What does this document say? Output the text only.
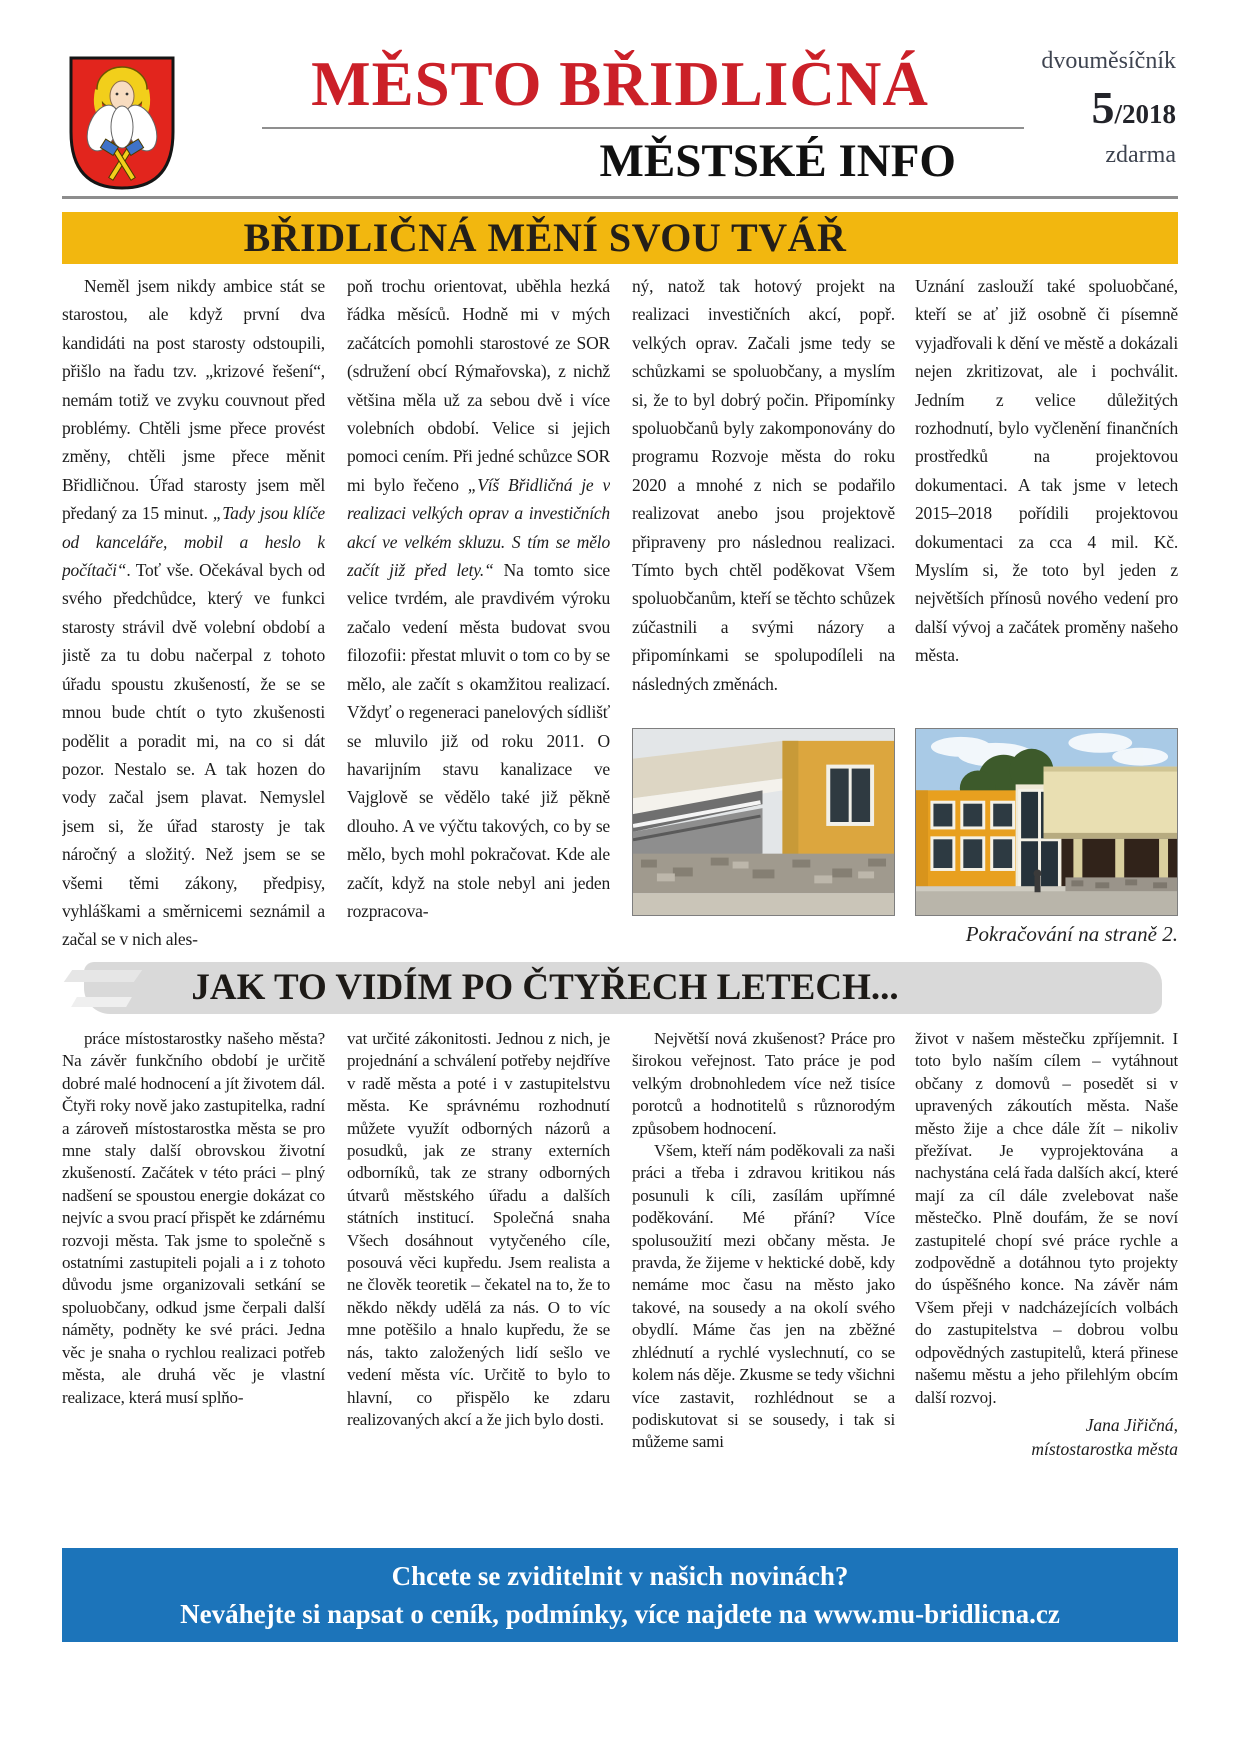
MĚSTO BŘIDLIČNÁ
MĚSTSKÉ INFO
dvouměsíčník
5/2018
zdarma
BŘIDLIČNÁ MĚNÍ SVOU TVÁŘ

Neměl jsem nikdy ambice stát se starostou, ale když první dva kandidáti na post starosty odstoupili, přišlo na řadu tzv. „krizové řešení“, nemám totiž ve zvyku couvnout před problémy. Chtěli jsme přece provést změny, chtěli jsme přece měnit Břidličnou. Úřad starosty jsem měl předaný za 15 minut. „Tady jsou klíče od kanceláře, mobil a heslo k počítači“. Toť vše. Očekával bych od svého předchůdce, který ve funkci starosty strávil dvě volební období a jistě za tu dobu načerpal z tohoto úřadu spoustu zkušeností, že se se mnou bude chtít o tyto zkušenosti podělit a poradit mi, na co si dát pozor. Nestalo se. A tak hozen do vody začal jsem plavat. Nemyslel jsem si, že úřad starosty je tak náročný a složitý. Než jsem se se všemi těmi zákony, předpisy, vyhláškami a směrnicemi seznámil a začal se v nich ales-

poň trochu orientovat, uběhla hezká řádka měsíců. Hodně mi v mých začátcích pomohli starostové ze SOR (sdružení obcí Rýmařovska), z nichž většina měla už za sebou dvě i více volebních období. Velice si jejich pomoci cením. Při jedné schůzce SOR mi bylo řečeno „Víš Břidličná je v realizaci velkých oprav a investičních akcí ve velkém skluzu. S tím se mělo začít již před lety.“ Na tomto sice velice tvrdém, ale pravdivém výroku začalo vedení města budovat svou filozofii: přestat mluvit o tom co by se mělo, ale začít s okamžitou realizací. Vždyť o regeneraci panelových sídlišť se mluvilo již od roku 2011. O havarijním stavu kanalizace ve Vajglově se vědělo také již pěkně dlouho. A ve výčtu takových, co by se mělo, bych mohl pokračovat. Kde ale začít, když na stole nebyl ani jeden rozpracova-

ný, natož tak hotový projekt na realizaci investičních akcí, popř. velkých oprav. Začali jsme tedy se schůzkami se spoluobčany, a myslím si, že to byl dobrý počin. Připomínky spoluobčanů byly zakomponovány do programu Rozvoje města do roku 2020 a mnohé z nich se podařilo realizovat anebo jsou projektově připraveny pro následnou realizaci. Tímto bych chtěl poděkovat Všem spoluobčanům, kteří se těchto schůzek zúčastnili a svými názory a připomínkami se spolupodíleli na následných změnách.

Uznání zaslouží také spoluobčané, kteří se ať již osobně či písemně vyjadřovali k dění ve městě a dokázali nejen zkritizovat, ale i pochválit. Jedním z velice důležitých rozhodnutí, bylo vyčlenění finančních prostředků na projektovou dokumentaci. A tak jsme v letech 2015–2018 pořídili projektovou dokumentaci za cca 4 mil. Kč. Myslím si, že toto byl jeden z největších přínosů nového vedení pro další vývoj a začátek proměny našeho města.

Pokračování na straně 2.
JAK TO VIDÍM PO ČTYŘECH LETECH...

práce místostarostky našeho města? Na závěr funkčního období je určitě dobré malé hodnocení a jít životem dál. Čtyři roky nově jako zastupitelka, radní a zároveň místostarostka města se pro mne staly další obrovskou životní zkušeností. Začátek v této práci – plný nadšení se spoustou energie dokázat co nejvíc a svou prací přispět ke zdárnému rozvoji města. Tak jsme to společně s ostatními zastupiteli pojali a i z tohoto důvodu jsme organizovali setkání se spoluobčany, odkud jsme čerpali další náměty, podněty ke své práci. Jedna věc je snaha o rychlou realizaci potřeb města, ale druhá věc je vlastní realizace, která musí splňo-

vat určité zákonitosti. Jednou z nich, je projednání a schválení potřeby nejdříve v radě města a poté i v zastupitelstvu města. Ke správnému rozhodnutí můžete využít odborných názorů a posudků, jak ze strany externích odborníků, tak ze strany odborných útvarů městského úřadu a dalších státních institucí. Společná snaha Všech dosáhnout vytyčeného cíle, posouvá věci kupředu. Jsem realista a ne člověk teoretik – čekatel na to, že to někdo někdy udělá za nás. O to víc mne potěšilo a hnalo kupředu, že se nás, takto založených lidí sešlo ve vedení města víc. Určitě to bylo to hlavní, co přispělo ke zdaru realizovaných akcí a že jich bylo dosti.

Největší nová zkušenost? Práce pro širokou veřejnost. Tato práce je pod velkým drobnohledem více než tisíce porotců a hodnotitelů s různorodým způsobem hodnocení.

Všem, kteří nám poděkovali za naši práci a třeba i zdravou kritikou nás posunuli k cíli, zasílám upřímné poděkování. Mé přání? Více spolusoužití mezi občany města. Je pravda, že žijeme v hektické době, kdy nemáme moc času na město jako takové, na sousedy a na okolí svého obydlí. Máme čas jen na zběžné zhlédnutí a rychlé vyslechnutí, co se kolem nás děje. Zkusme se tedy všichni více zastavit, rozhlédnout se a podiskutovat si se sousedy, i tak si můžeme sami

život v našem městečku zpříjemnit. I toto bylo naším cílem – vytáhnout občany z domovů – posedět si v upravených zákoutích města. Naše město žije a chce dále žít – nikoliv přežívat. Je vyprojektována a nachystána celá řada dalších akcí, které mají za cíl dále zvelebovat naše městečko. Plně doufám, že se noví zastupitelé chopí své práce rychle a zodpovědně a dotáhnou tyto projekty do úspěšného konce. Na závěr nám Všem přeji v nadcházejících volbách do zastupitelstva – dobrou volbu odpovědných zastupitelů, která přinese našemu městu a jeho přilehlým obcím další rozvoj.

Jana Jiřičná,
místostarostka města
Chcete se zviditelnit v našich novinách?
Neváhejte si napsat o ceník, podmínky, více najdete na www.mu-bridlicna.cz
